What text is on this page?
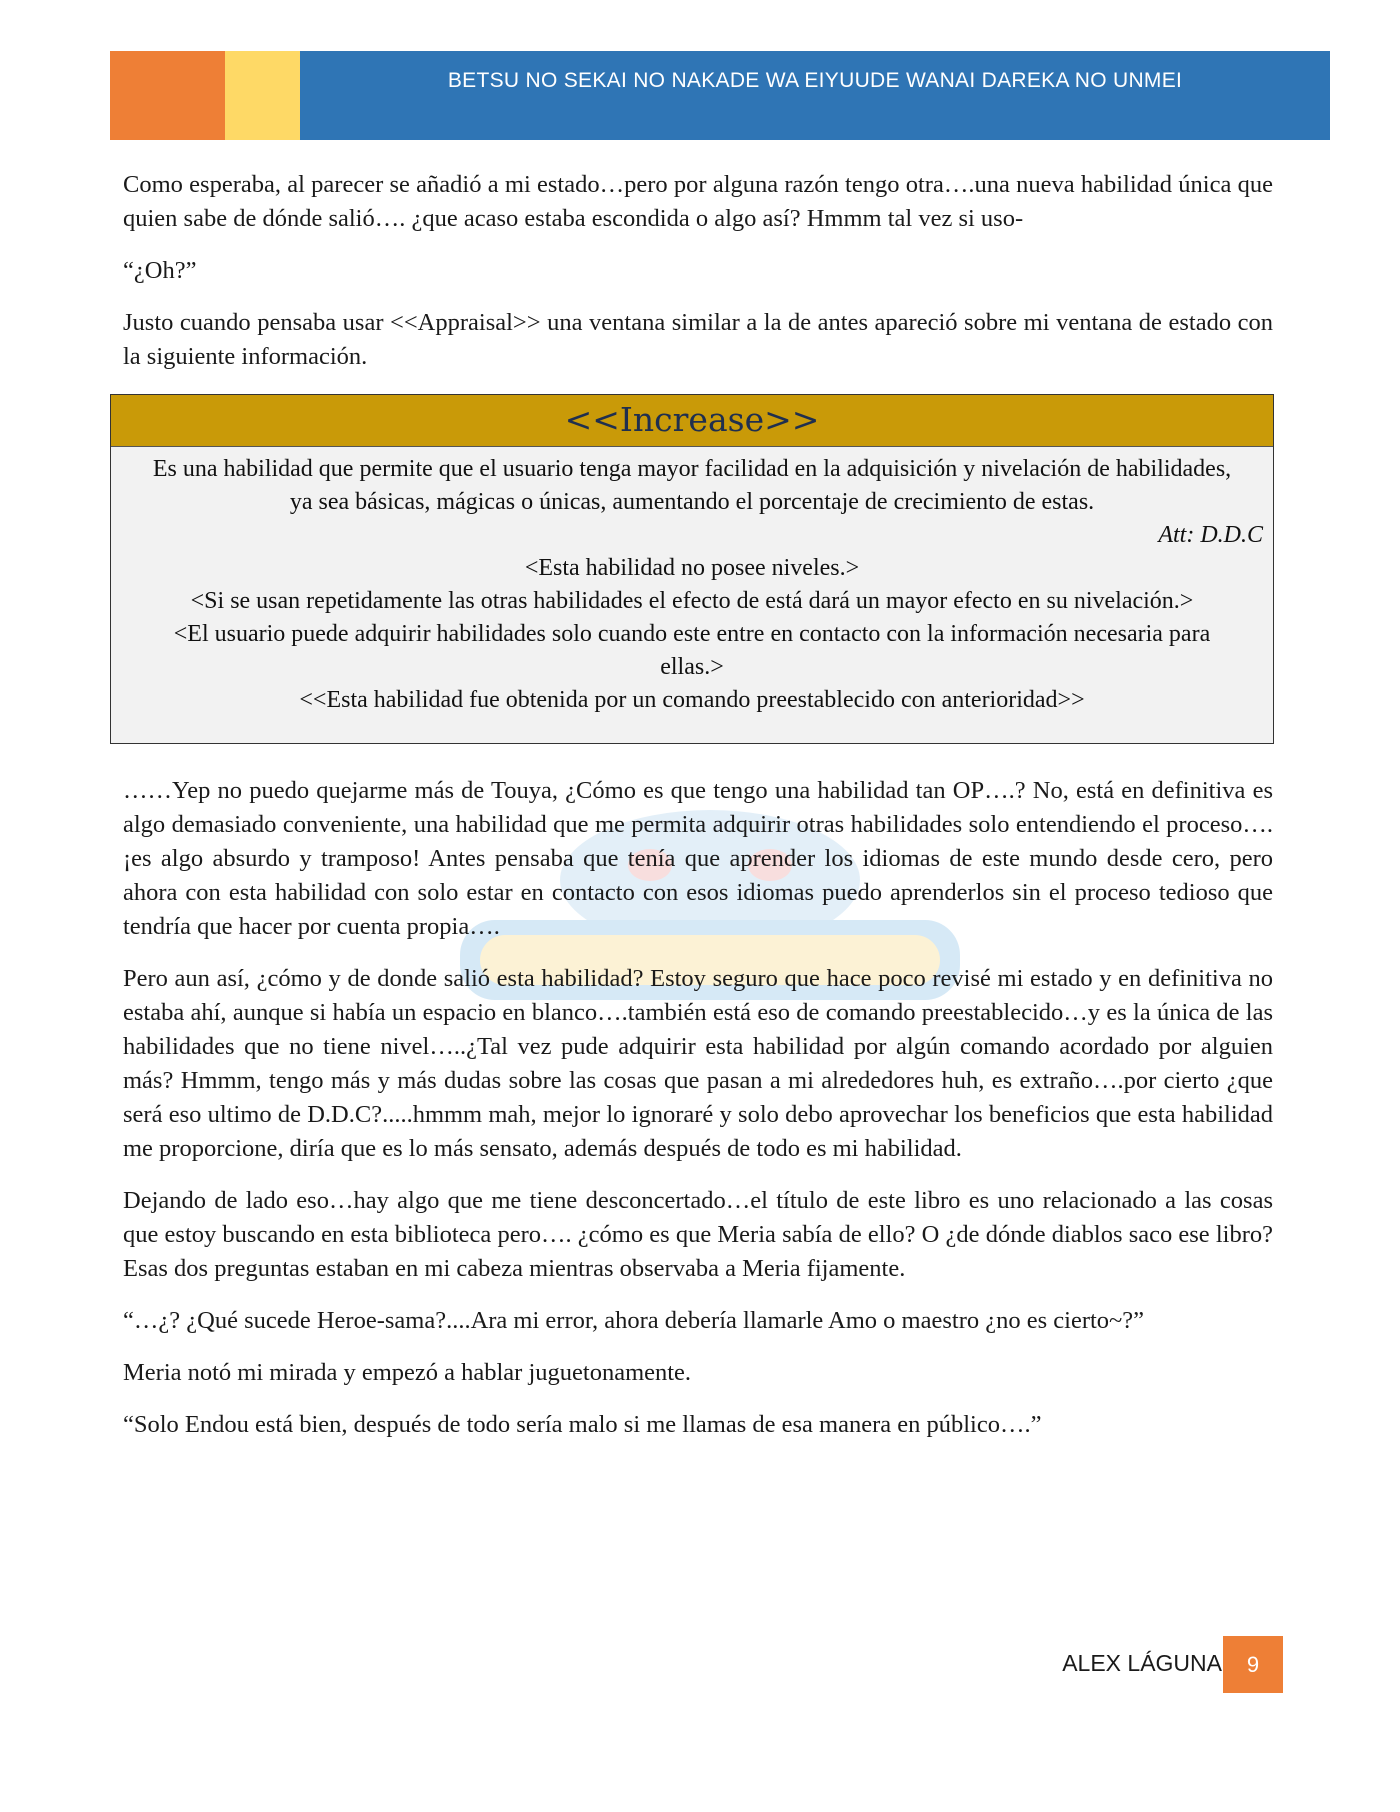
BETSU NO SEKAI NO NAKADE WA EIYUUDE WANAI DAREKA NO UNMEI

Como esperaba, al parecer se añadió a mi estado…pero por alguna razón tengo otra….una nueva habilidad única que quien sabe de dónde salió…. ¿que acaso estaba escondida o algo así? Hmmm tal vez si uso-

“¿Oh?”

Justo cuando pensaba usar <<Appraisal>> una ventana similar a la de antes apareció sobre mi ventana de estado con la siguiente información.

<<Increase>>
Es una habilidad que permite que el usuario tenga mayor facilidad en la adquisición y nivelación de habilidades, ya sea básicas, mágicas o únicas, aumentando el porcentaje de crecimiento de estas.
Att: D.D.C
<Esta habilidad no posee niveles.>
<Si se usan repetidamente las otras habilidades el efecto de está dará un mayor efecto en su nivelación.>
<El usuario puede adquirir habilidades solo cuando este entre en contacto con la información necesaria para ellas.>
<<Esta habilidad fue obtenida por un comando preestablecido con anterioridad>>

……Yep no puedo quejarme más de Touya, ¿Cómo es que tengo una habilidad tan OP….? No, está en definitiva es algo demasiado conveniente, una habilidad que me permita adquirir otras habilidades solo entendiendo el proceso…. ¡es algo absurdo y tramposo! Antes pensaba que tenía que aprender los idiomas de este mundo desde cero, pero ahora con esta habilidad con solo estar en contacto con esos idiomas puedo aprenderlos sin el proceso tedioso que tendría que hacer por cuenta propia….

Pero aun así, ¿cómo y de donde salió esta habilidad? Estoy seguro que hace poco revisé mi estado y en definitiva no estaba ahí, aunque si había un espacio en blanco….también está eso de comando preestablecido…y es la única de las habilidades que no tiene nivel…..¿Tal vez pude adquirir esta habilidad por algún comando acordado por alguien más? Hmmm, tengo más y más dudas sobre las cosas que pasan a mi alrededores huh, es extraño….por cierto ¿que será eso ultimo de D.D.C?.....hmmm mah, mejor lo ignoraré y solo debo aprovechar los beneficios que esta habilidad me proporcione, diría que es lo más sensato, además después de todo es mi habilidad.

Dejando de lado eso…hay algo que me tiene desconcertado…el título de este libro es uno relacionado a las cosas que estoy buscando en esta biblioteca pero…. ¿cómo es que Meria sabía de ello? O ¿de dónde diablos saco ese libro? Esas dos preguntas estaban en mi cabeza mientras observaba a Meria fijamente.

“…¿? ¿Qué sucede Heroe-sama?....Ara mi error, ahora debería llamarle Amo o maestro ¿no es cierto~?”

Meria notó mi mirada y empezó a hablar juguetonamente.

“Solo Endou está bien, después de todo sería malo si me llamas de esa manera en público….”

ALEX LÁGUNA	9
